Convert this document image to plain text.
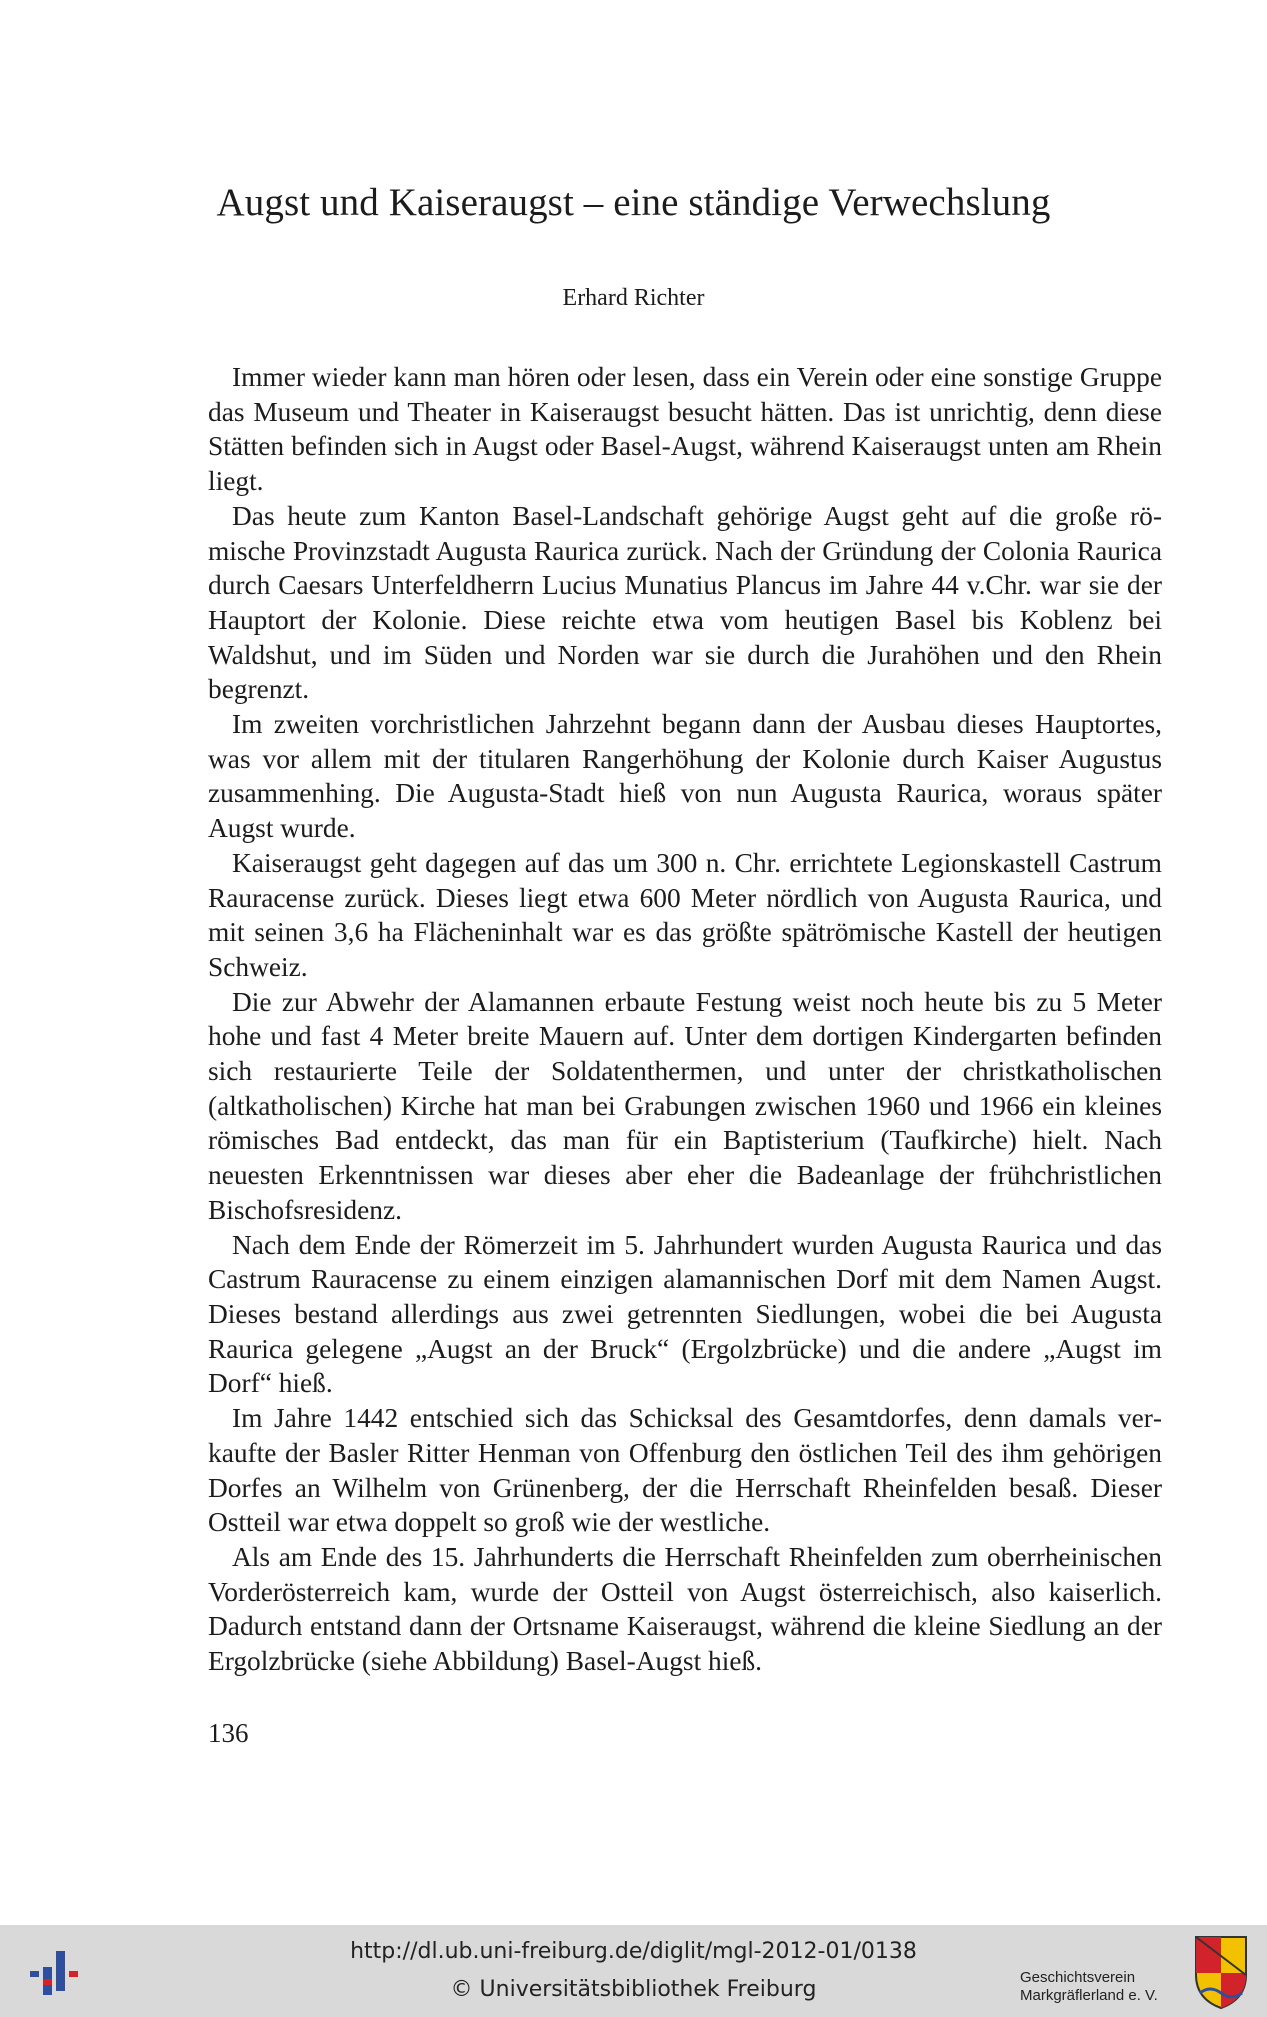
Augst und Kaiseraugst – eine ständige Verwechslung
Erhard Richter

Immer wieder kann man hören oder lesen, dass ein Verein oder eine sonstige Gruppe das Museum und Theater in Kaiseraugst besucht hätten. Das ist unrichtig, denn diese Stätten befinden sich in Augst oder Basel-Augst, während Kaiseraugst unten am Rhein liegt.

Das heute zum Kanton Basel-Landschaft gehörige Augst geht auf die große römische Provinzstadt Augusta Raurica zurück. Nach der Gründung der Colonia Raurica durch Caesars Unterfeldherrn Lucius Munatius Plancus im Jahre 44 v.Chr. war sie der Hauptort der Kolonie. Diese reichte etwa vom heutigen Basel bis Koblenz bei Waldshut, und im Süden und Norden war sie durch die Jurahöhen und den Rhein begrenzt.

Im zweiten vorchristlichen Jahrzehnt begann dann der Ausbau dieses Hauptortes, was vor allem mit der titularen Rangerhöhung der Kolonie durch Kaiser Augustus zusammenhing. Die Augusta-Stadt hieß von nun Augusta Raurica, woraus später Augst wurde.

Kaiseraugst geht dagegen auf das um 300 n. Chr. errichtete Legionskastell Castrum Rauracense zurück. Dieses liegt etwa 600 Meter nördlich von Augusta Raurica, und mit seinen 3,6 ha Flächeninhalt war es das größte spätrömische Kastell der heutigen Schweiz.

Die zur Abwehr der Alamannen erbaute Festung weist noch heute bis zu 5 Meter hohe und fast 4 Meter breite Mauern auf. Unter dem dortigen Kindergarten befinden sich restaurierte Teile der Soldatenthermen, und unter der christkatholischen (altkatholischen) Kirche hat man bei Grabungen zwischen 1960 und 1966 ein kleines römisches Bad entdeckt, das man für ein Baptisterium (Taufkirche) hielt. Nach neuesten Erkenntnissen war dieses aber eher die Badeanlage der frühchristlichen Bischofsresidenz.

Nach dem Ende der Römerzeit im 5. Jahrhundert wurden Augusta Raurica und das Castrum Rauracense zu einem einzigen alamannischen Dorf mit dem Namen Augst. Dieses bestand allerdings aus zwei getrennten Siedlungen, wobei die bei Augusta Raurica gelegene „Augst an der Bruck“ (Ergolzbrücke) und die andere „Augst im Dorf“ hieß.

Im Jahre 1442 entschied sich das Schicksal des Gesamtdorfes, denn damals verkaufte der Basler Ritter Henman von Offenburg den östlichen Teil des ihm gehörigen Dorfes an Wilhelm von Grünenberg, der die Herrschaft Rheinfelden besaß. Dieser Ostteil war etwa doppelt so groß wie der westliche.

Als am Ende des 15. Jahrhunderts die Herrschaft Rheinfelden zum oberrheinischen Vorderösterreich kam, wurde der Ostteil von Augst österreichisch, also kaiserlich. Dadurch entstand dann der Ortsname Kaiseraugst, während die kleine Siedlung an der Ergolzbrücke (siehe Abbildung) Basel-Augst hieß.

136
http://dl.ub.uni-freiburg.de/diglit/mgl-2012-01/0138
© Universitätsbibliothek Freiburg	Geschichtsverein
Markgräflerland e. V.
